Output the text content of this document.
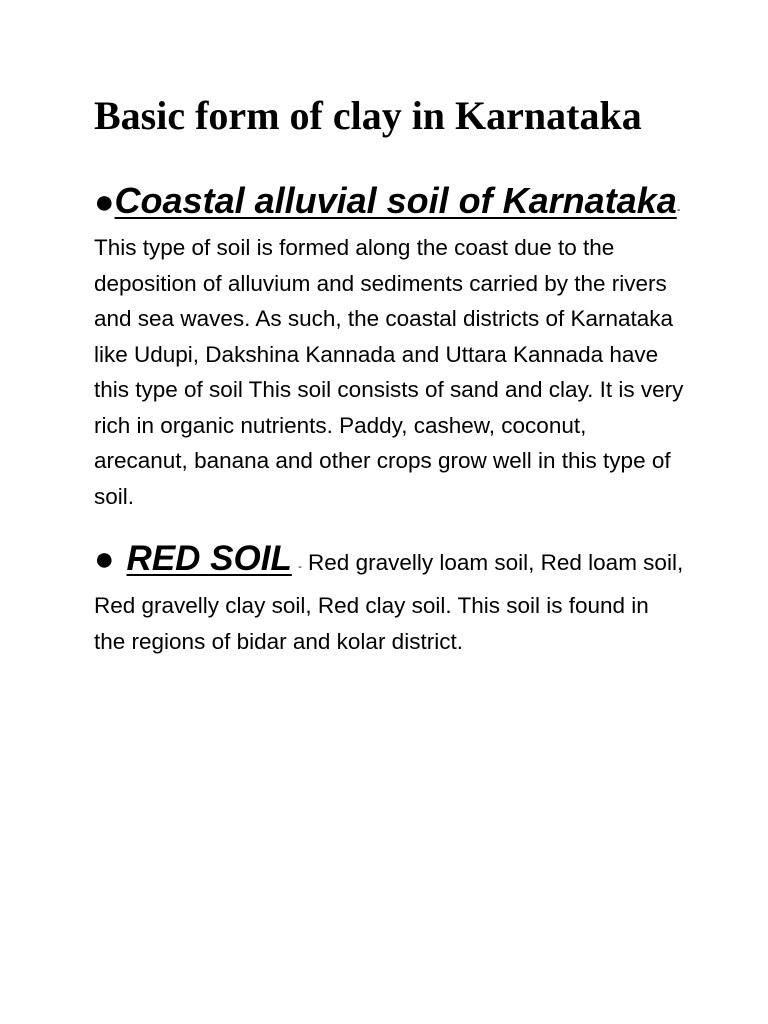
Basic form of clay in Karnataka

●Coastal alluvial soil of Karnataka- This type of soil is formed along the coast due to the deposition of alluvium and sediments carried by the rivers and sea waves. As such, the coastal districts of Karnataka like Udupi, Dakshina Kannada and Uttara Kannada have this type of soil This soil consists of sand and clay. It is very rich in organic nutrients. Paddy, cashew, coconut, arecanut, banana and other crops grow well in this type of soil.

● RED SOIL - Red gravelly loam soil, Red loam soil, Red gravelly clay soil, Red clay soil. This soil is found in the regions of bidar and kolar district.
